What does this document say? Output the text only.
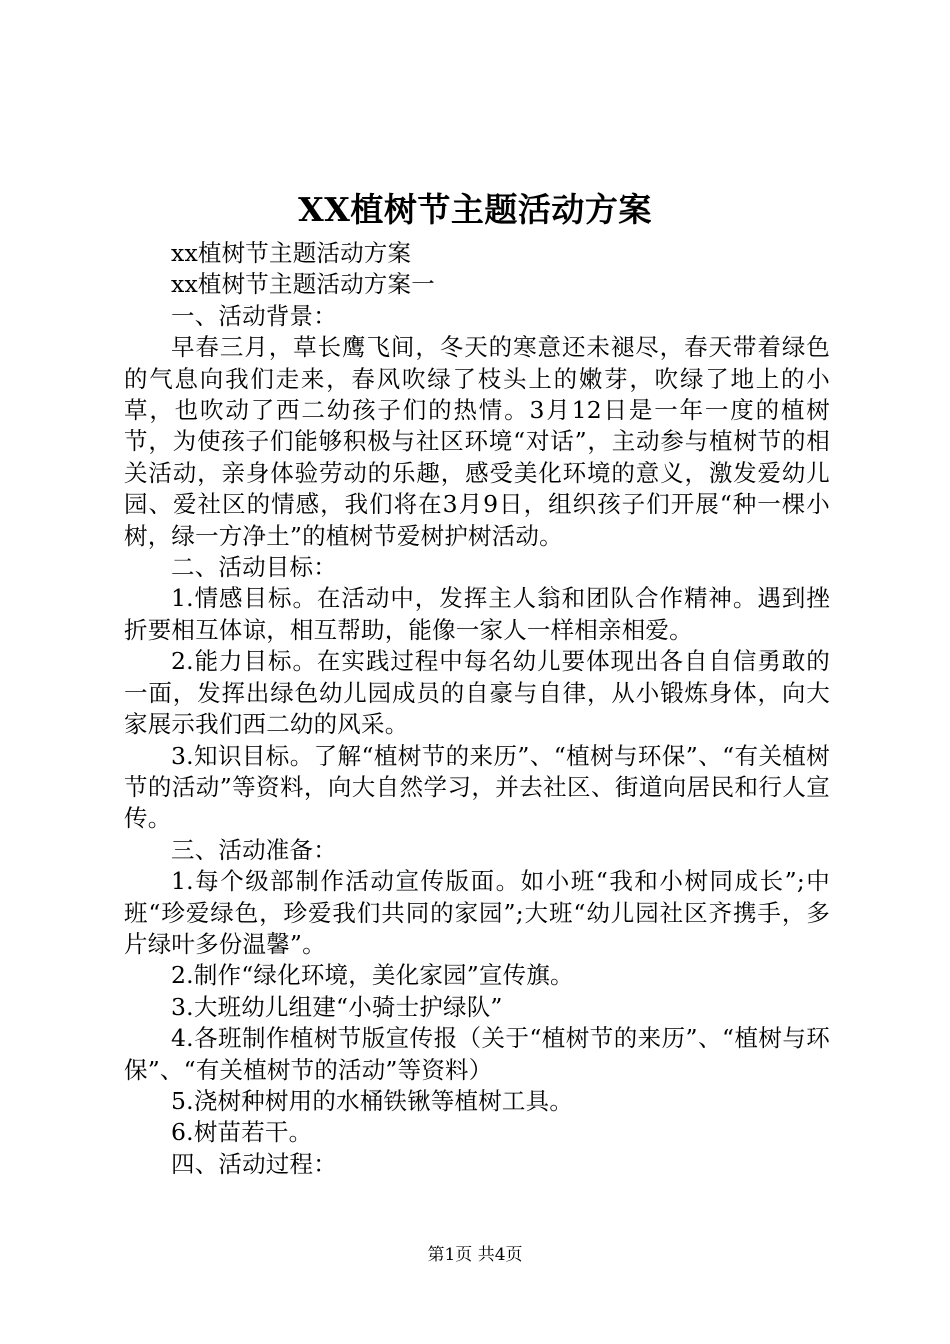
XX植树节主题活动方案

xx植树节主题活动方案

xx植树节主题活动方案一

一、活动背景：

早春三月，草长鹰飞间，冬天的寒意还未褪尽，春天带着绿色的气息向我们走来，春风吹绿了枝头上的嫩芽，吹绿了地上的小草，也吹动了西二幼孩子们的热情。3月12日是一年一度的植树节，为使孩子们能够积极与社区环境“对话”，主动参与植树节的相关活动，亲身体验劳动的乐趣，感受美化环境的意义，激发爱幼儿园、爱社区的情感，我们将在3月9日，组织孩子们开展“种一棵小树，绿一方净土”的植树节爱树护树活动。

二、活动目标：

1.情感目标。在活动中，发挥主人翁和团队合作精神。遇到挫折要相互体谅，相互帮助，能像一家人一样相亲相爱。

2.能力目标。在实践过程中每名幼儿要体现出各自自信勇敢的一面，发挥出绿色幼儿园成员的自豪与自律，从小锻炼身体，向大家展示我们西二幼的风采。

3.知识目标。了解“植树节的来历”、“植树与环保”、“有关植树节的活动”等资料，向大自然学习，并去社区、街道向居民和行人宣传。

三、活动准备：

1.每个级部制作活动宣传版面。如小班“我和小树同成长”;中班“珍爱绿色，珍爱我们共同的家园”;大班“幼儿园社区齐携手，多片绿叶多份温馨”。

2.制作“绿化环境，美化家园”宣传旗。

3.大班幼儿组建“小骑士护绿队”

4.各班制作植树节版宣传报（关于“植树节的来历”、“植树与环保”、“有关植树节的活动”等资料）

5.浇树种树用的水桶铁锹等植树工具。

6.树苗若干。

四、活动过程：

第1页 共4页
